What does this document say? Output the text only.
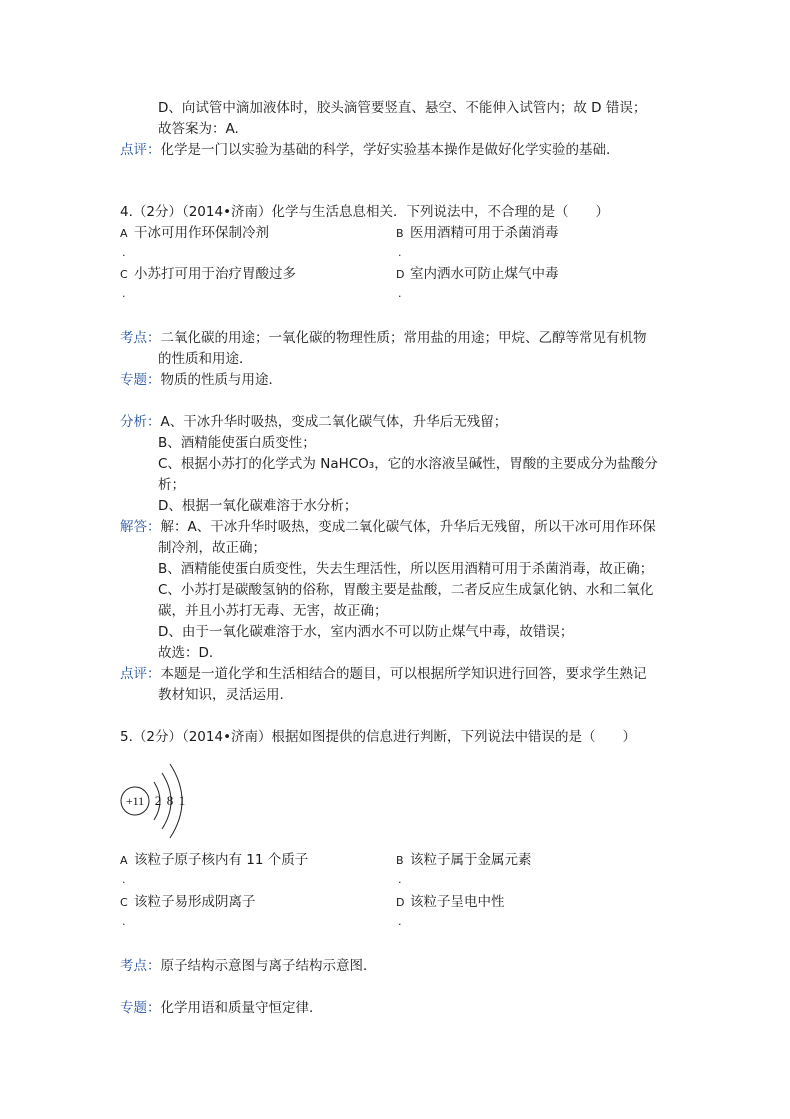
D、向试管中滴加液体时，胶头滴管要竖直、悬空、不能伸入试管内；故 D 错误；
故答案为：A.
点评：化学是一门以实验为基础的科学，学好实验基本操作是做好化学实验的基础.
4.（2分）（2014•济南）化学与生活息息相关．下列说法中，不合理的是（　　）
A 干冰可用作环保制冷剂
.
B 医用酒精可用于杀菌消毒
.
C 小苏打可用于治疗胃酸过多
.
D 室内洒水可防止煤气中毒
.
考点：二氧化碳的用途；一氧化碳的物理性质；常用盐的用途；甲烷、乙醇等常见有机物
的性质和用途．
专题：物质的性质与用途．
分析：A、干冰升华时吸热，变成二氧化碳气体，升华后无残留；
B、酒精能使蛋白质变性；
C、根据小苏打的化学式为 NaHCO₃，它的水溶液呈碱性，胃酸的主要成分为盐酸分
析；
D、根据一氧化碳难溶于水分析；
解答：解：A、干冰升华时吸热，变成二氧化碳气体，升华后无残留，所以干冰可用作环保
制冷剂，故正确；
B、酒精能使蛋白质变性，失去生理活性，所以医用酒精可用于杀菌消毒，故正确；
C、小苏打是碳酸氢钠的俗称，胃酸主要是盐酸，二者反应生成氯化钠、水和二氧化
碳，并且小苏打无毒、无害，故正确；
D、由于一氧化碳难溶于水，室内洒水不可以防止煤气中毒，故错误；
故选：D.
点评：本题是一道化学和生活相结合的题目，可以根据所学知识进行回答，要求学生熟记
教材知识，灵活运用.
5.（2分）（2014•济南）根据如图提供的信息进行判断，下列说法中错误的是（　　）
+11 2 8 1
A 该粒子原子核内有 11 个质子
.
B 该粒子属于金属元素
.
C 该粒子易形成阴离子
.
D 该粒子呈电中性
.
考点：原子结构示意图与离子结构示意图．
专题：化学用语和质量守恒定律．
